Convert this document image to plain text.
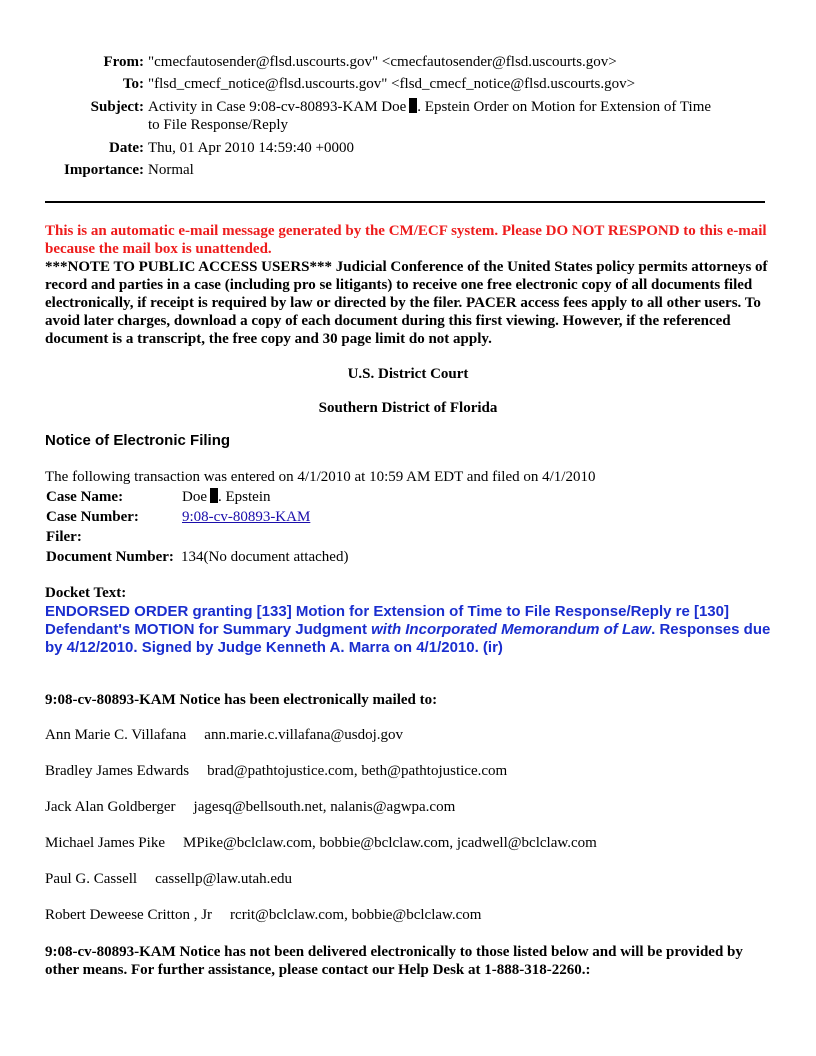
From: "cmecfautosender@flsd.uscourts.gov" <cmecfautosender@flsd.uscourts.gov>
To: "flsd_cmecf_notice@flsd.uscourts.gov" <flsd_cmecf_notice@flsd.uscourts.gov>
Subject: Activity in Case 9:08-cv-80893-KAM Doe . Epstein Order on Motion for Extension of Time
to File Response/Reply
Date: Thu, 01 Apr 2010 14:59:40 +0000
Importance: Normal
This is an automatic e-mail message generated by the CM/ECF system. Please DO NOT RESPOND to this e-mail because the mail box is unattended.
***NOTE TO PUBLIC ACCESS USERS*** Judicial Conference of the United States policy permits attorneys of record and parties in a case (including pro se litigants) to receive one free electronic copy of all documents filed electronically, if receipt is required by law or directed by the filer. PACER access fees apply to all other users. To avoid later charges, download a copy of each document during this first viewing. However, if the referenced document is a transcript, the free copy and 30 page limit do not apply.
U.S. District Court
Southern District of Florida
Notice of Electronic Filing
The following transaction was entered on 4/1/2010 at 10:59 AM EDT and filed on 4/1/2010
Case Name:	Doe . Epstein
Case Number:	9:08-cv-80893-KAM
Filer:
Document Number: 134(No document attached)
Docket Text:
ENDORSED ORDER granting [133] Motion for Extension of Time to File Response/Reply re [130] Defendant's MOTION for Summary Judgment with Incorporated Memorandum of Law. Responses due by 4/12/2010. Signed by Judge Kenneth A. Marra on 4/1/2010. (ir)
9:08-cv-80893-KAM Notice has been electronically mailed to:
Ann Marie C. Villafana ann.marie.c.villafana@usdoj.gov
Bradley James Edwards brad@pathtojustice.com, beth@pathtojustice.com
Jack Alan Goldberger jagesq@bellsouth.net, nalanis@agwpa.com
Michael James Pike MPike@bclclaw.com, bobbie@bclclaw.com, jcadwell@bclclaw.com
Paul G. Cassell cassellp@law.utah.edu
Robert Deweese Critton , Jr rcrit@bclclaw.com, bobbie@bclclaw.com
9:08-cv-80893-KAM Notice has not been delivered electronically to those listed below and will be provided by other means. For further assistance, please contact our Help Desk at 1-888-318-2260.:
